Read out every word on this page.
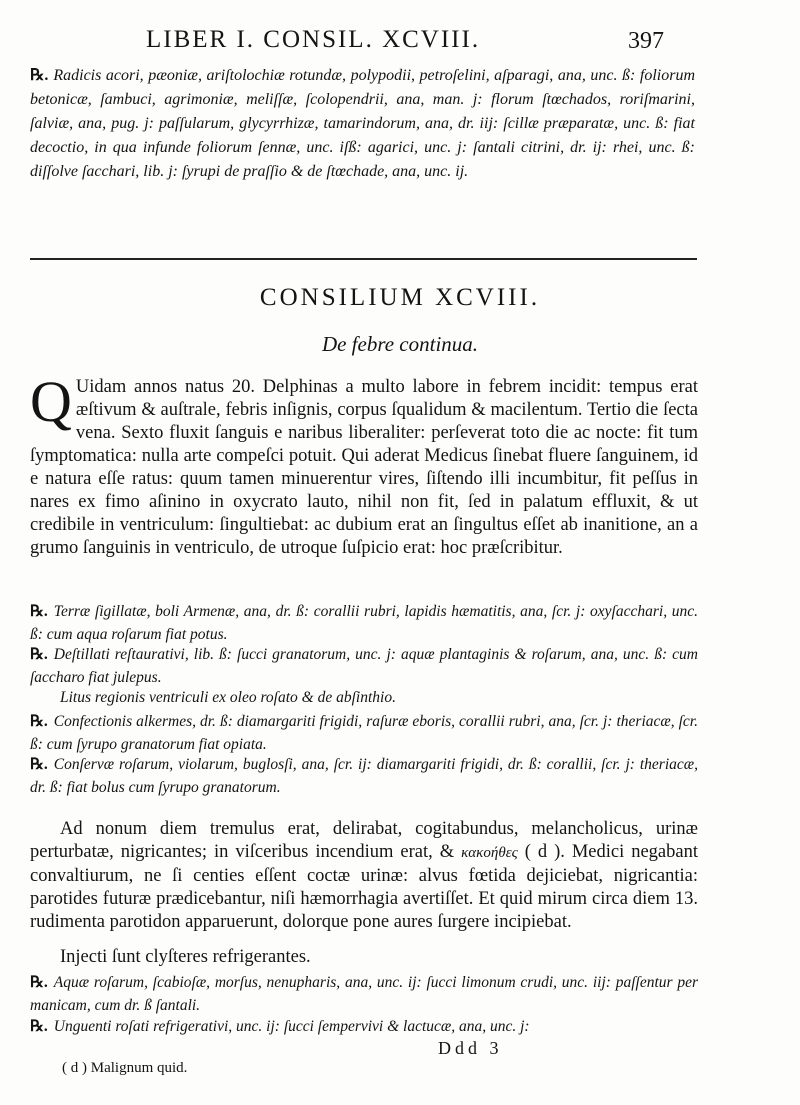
LIBER I. CONSIL. XCVIII.	397
℞. Radicis acori, pæoniæ, ariſtolochiæ rotundæ, polypodii, petroſelini, aſparagi, ana, unc. ß: foliorum betonicæ, ſambuci, agrimoniæ, meliſſæ, ſcolopendrii, ana, man. j: florum ſtœchados, roriſmarini, ſalviæ, ana, pug. j: paſſularum, glycyrrhizæ, tamarindorum, ana, dr. iij: ſcillæ præparatæ, unc. ß: fiat decoctio, in qua infunde foliorum ſennæ, unc. iſß: agarici, unc. j: ſantali citrini, dr. ij: rhei, unc. ß: diſſolve ſacchari, lib. j: ſyrupi de praſſio & de ſtœchade, ana, unc. ij.
CONSILIUM XCVIII.
De febre continua.
Q Uidam annos natus 20. Delphinas a multo labore in febrem incidit: tempus erat æſtivum & auſtrale, febris inſignis, corpus ſqualidum & macilentum. Tertio die ſecta vena. Sexto fluxit ſanguis e naribus liberaliter: perſeverat toto die ac nocte: fit tum ſymptomatica: nulla arte compeſci potuit. Qui aderat Medicus ſinebat fluere ſanguinem, id e natura eſſe ratus: quum tamen minuerentur vires, ſiſtendo illi incumbitur, fit peſſus in nares ex fimo aſinino in oxycrato lauto, nihil non fit, ſed in palatum effluxit, & ut credibile in ventriculum: ſingultiebat: ac dubium erat an ſingultus eſſet ab inanitione, an a grumo ſanguinis in ventriculo, de utroque ſuſpicio erat: hoc præſcribitur.
℞. Terræ ſigillatæ, boli Armenæ, ana, dr. ß: corallii rubri, lapidis hæmatitis, ana, ſcr. j: oxyſacchari, unc. ß: cum aqua roſarum fiat potus.
℞. Deſtillati reſtaurativi, lib. ß: ſucci granatorum, unc. j: aquæ plantaginis & roſarum, ana, unc. ß: cum ſaccharo fiat julepus.
Litus regionis ventriculi ex oleo roſato & de abſinthio.
℞. Confectionis alkermes, dr. ß: diamargariti frigidi, raſuræ eboris, corallii rubri, ana, ſcr. j: theriacæ, ſcr. ß: cum ſyrupo granatorum fiat opiata.
℞. Conſervæ roſarum, violarum, buglosſi, ana, ſcr. ij: diamargariti frigidi, dr. ß: corallii, ſcr. j: theriacæ, dr. ß: fiat bolus cum ſyrupo granatorum.
Ad nonum diem tremulus erat, delirabat, cogitabundus, melancholicus, urinæ perturbatæ, nigricantes; in viſceribus incendium erat, & κακοήθες ( d ). Medici negabant convaltiurum, ne ſi centies eſſent coctæ urinæ: alvus fœtida dejiciebat, nigricantia: parotides futuræ prædicebantur, niſi hæmorrhagia avertiſſet. Et quid mirum circa diem 13. rudimenta parotidon apparuerunt, dolorque pone aures ſurgere incipiebat.
Injecti ſunt clyſteres refrigerantes.
℞. Aquæ roſarum, ſcabioſæ, morſus, nenupharis, ana, unc. ij: ſucci limonum crudi, unc. iij: paſſentur per manicam, cum dr. ß ſantali.
℞. Unguenti roſati refrigerativi, unc. ij: ſucci ſempervivi & lactucæ, ana, unc. j:
Ddd 3
( d ) Malignum quid.
